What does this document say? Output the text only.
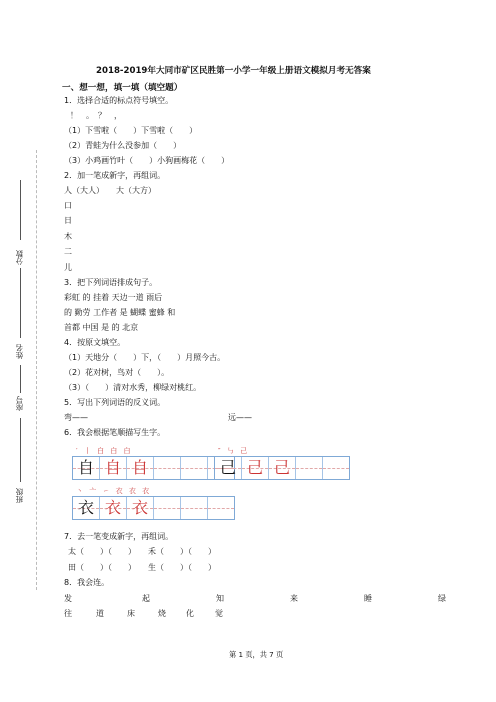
分数
姓名
座号
班级
2018-2019年大同市矿区民胜第一小学一年级上册语文模拟月考无答案
一、想一想，填一填（填空题）
1．选择合适的标点符号填空。
！　。　？　，
（1）下雪啦（　　）下雪啦（　　）
（2）青蛙为什么没参加（　　）
（3）小鸡画竹叶（　　）小狗画梅花（　　）
2．加一笔成新字，再组词。
人（大人）　　大（大方）
口
日
木
二
儿
3．把下列词语排成句子。
彩虹 的 挂着 天边一道 雨后
的 勤劳 工作者 是 蝴蝶 蜜蜂 和
首都 中国 是 的 北京
4．按原文填空。
（1）天地分（　　）下，（　　）月照今古。
（2）花对树，鸟对（　　）。
（3）（　　）清对水秀，柳绿对桃红。
5．写出下列词语的反义词。
弯——	远——
6．我会根据笔顺描写生字。
′ 丨 白 白 白
自 自 自
″ ㇉ 己
己 己 己
丶 亠 ㇀ 衣 衣 衣
衣 衣 衣
7．去一笔变成新字，再组词。
太（　　）（　　）　　禾（　　）（　　）
田（　　）（　　）　　生（　　）（　　）
8．我会连。
发	起	知	来	睡	绿
往	道	床	烧	化	觉
第 1 页，共 7 页
